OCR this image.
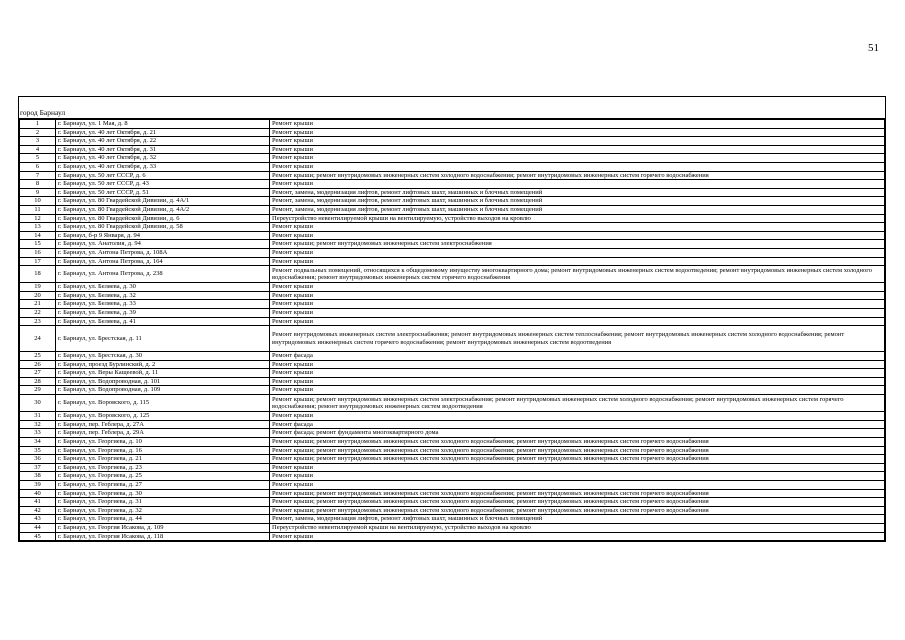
51
город Барнаул
1	г. Барнаул, ул. 1 Мая, д. 8	Ремонт крыши
2	г. Барнаул, ул. 40 лет Октября, д. 21	Ремонт крыши
3	г. Барнаул, ул. 40 лет Октября, д. 22	Ремонт крыши
4	г. Барнаул, ул. 40 лет Октября, д. 31	Ремонт крыши
5	г. Барнаул, ул. 40 лет Октября, д. 32	Ремонт крыши
6	г. Барнаул, ул. 40 лет Октября, д. 33	Ремонт крыши
7	г. Барнаул, ул. 50 лет СССР, д. 6	Ремонт крыши; ремонт внутридомовых инженерных систем холодного водоснабжения; ремонт внутридомовых инженерных систем горячего водоснабжения
8	г. Барнаул, ул. 50 лет СССР, д. 43	Ремонт крыши
9	г. Барнаул, ул. 50 лет СССР, д. 51	Ремонт, замена, модернизация лифтов, ремонт лифтовых шахт, машинных и блочных помещений
10	г. Барнаул, ул. 80 Гвардейской Дивизии, д. 4А/1	Ремонт, замена, модернизация лифтов, ремонт лифтовых шахт, машинных и блочных помещений
11	г. Барнаул, ул. 80 Гвардейской Дивизии, д. 4А/2	Ремонт, замена, модернизация лифтов, ремонт лифтовых шахт, машинных и блочных помещений
12	г. Барнаул, ул. 80 Гвардейской Дивизии, д. 6	Переустройство невентилируемой крыши на вентилируемую, устройство выходов на кровлю
13	г. Барнаул, ул. 80 Гвардейской Дивизии, д. 58	Ремонт крыши
14	г. Барнаул, б-р 9 Января, д. 94	Ремонт крыши
15	г. Барнаул, ул. Анатолия, д. 94	Ремонт крыши; ремонт внутридомовых инженерных систем электроснабжения
16	г. Барнаул, ул. Антона Петрова, д. 108А	Ремонт крыши
17	г. Барнаул, ул. Антона Петрова, д. 164	Ремонт крыши
18	г. Барнаул, ул. Антона Петрова, д. 238	Ремонт подвальных помещений, относящихся к общедомовому имуществу многоквартирного дома; ремонт внутридомовых инженерных систем водоотведения; ремонт внутридомовых инженерных систем холодного водоснабжения; ремонт внутридомовых инженерных систем горячего водоснабжения
19	г. Барнаул, ул. Беляева, д. 30	Ремонт крыши
20	г. Барнаул, ул. Беляева, д. 32	Ремонт крыши
21	г. Барнаул, ул. Беляева, д. 33	Ремонт крыши
22	г. Барнаул, ул. Беляева, д. 39	Ремонт крыши
23	г. Барнаул, ул. Беляева, д. 41	Ремонт крыши
24	г. Барнаул, ул. Брестская, д. 11	Ремонт внутридомовых инженерных систем электроснабжения; ремонт внутридомовых инженерных систем теплоснабжения; ремонт внутридомовых инженерных систем холодного водоснабжения; ремонт внутридомовых инженерных систем горячего водоснабжения; ремонт внутридомовых инженерных систем водоотведения
25	г. Барнаул, ул. Брестская, д. 30	Ремонт фасада
26	г. Барнаул, проезд Бурлинский, д. 2	Ремонт крыши
27	г. Барнаул, ул. Веры Кащеевой, д. 11	Ремонт крыши
28	г. Барнаул, ул. Водопроводная, д. 101	Ремонт крыши
29	г. Барнаул, ул. Водопроводная, д. 109	Ремонт крыши
30	г. Барнаул, ул. Воровского, д. 115	Ремонт крыши; ремонт внутридомовых инженерных систем электроснабжения; ремонт внутридомовых инженерных систем холодного водоснабжения; ремонт внутридомовых инженерных систем горячего водоснабжения; ремонт внутридомовых инженерных систем водоотведения
31	г. Барнаул, ул. Воровского, д. 125	Ремонт крыши
32	г. Барнаул, пер. Геблера, д. 27А	Ремонт фасада
33	г. Барнаул, пер. Геблера, д. 29А	Ремонт фасада; ремонт фундамента многоквартирного дома
34	г. Барнаул, ул. Георгиева, д. 10	Ремонт крыши; ремонт внутридомовых инженерных систем холодного водоснабжения; ремонт внутридомовых инженерных систем горячего водоснабжения
35	г. Барнаул, ул. Георгиева, д. 16	Ремонт крыши; ремонт внутридомовых инженерных систем холодного водоснабжения; ремонт внутридомовых инженерных систем горячего водоснабжения
36	г. Барнаул, ул. Георгиева, д. 21	Ремонт крыши; ремонт внутридомовых инженерных систем холодного водоснабжения; ремонт внутридомовых инженерных систем горячего водоснабжения
37	г. Барнаул, ул. Георгиева, д. 23	Ремонт крыши
38	г. Барнаул, ул. Георгиева, д. 25	Ремонт крыши
39	г. Барнаул, ул. Георгиева, д. 27	Ремонт крыши
40	г. Барнаул, ул. Георгиева, д. 30	Ремонт крыши; ремонт внутридомовых инженерных систем холодного водоснабжения; ремонт внутридомовых инженерных систем горячего водоснабжения
41	г. Барнаул, ул. Георгиева, д. 31	Ремонт крыши; ремонт внутридомовых инженерных систем холодного водоснабжения; ремонт внутридомовых инженерных систем горячего водоснабжения
42	г. Барнаул, ул. Георгиева, д. 32	Ремонт крыши; ремонт внутридомовых инженерных систем холодного водоснабжения; ремонт внутридомовых инженерных систем горячего водоснабжения
43	г. Барнаул, ул. Георгиева, д. 44	Ремонт, замена, модернизация лифтов, ремонт лифтовых шахт, машинных и блочных помещений
44	г. Барнаул, ул. Георгия Исакова, д. 109	Переустройство невентилируемой крыши на вентилируемую, устройство выходов на кровлю
45	г. Барнаул, ул. Георгия Исакова, д. 118	Ремонт крыши
